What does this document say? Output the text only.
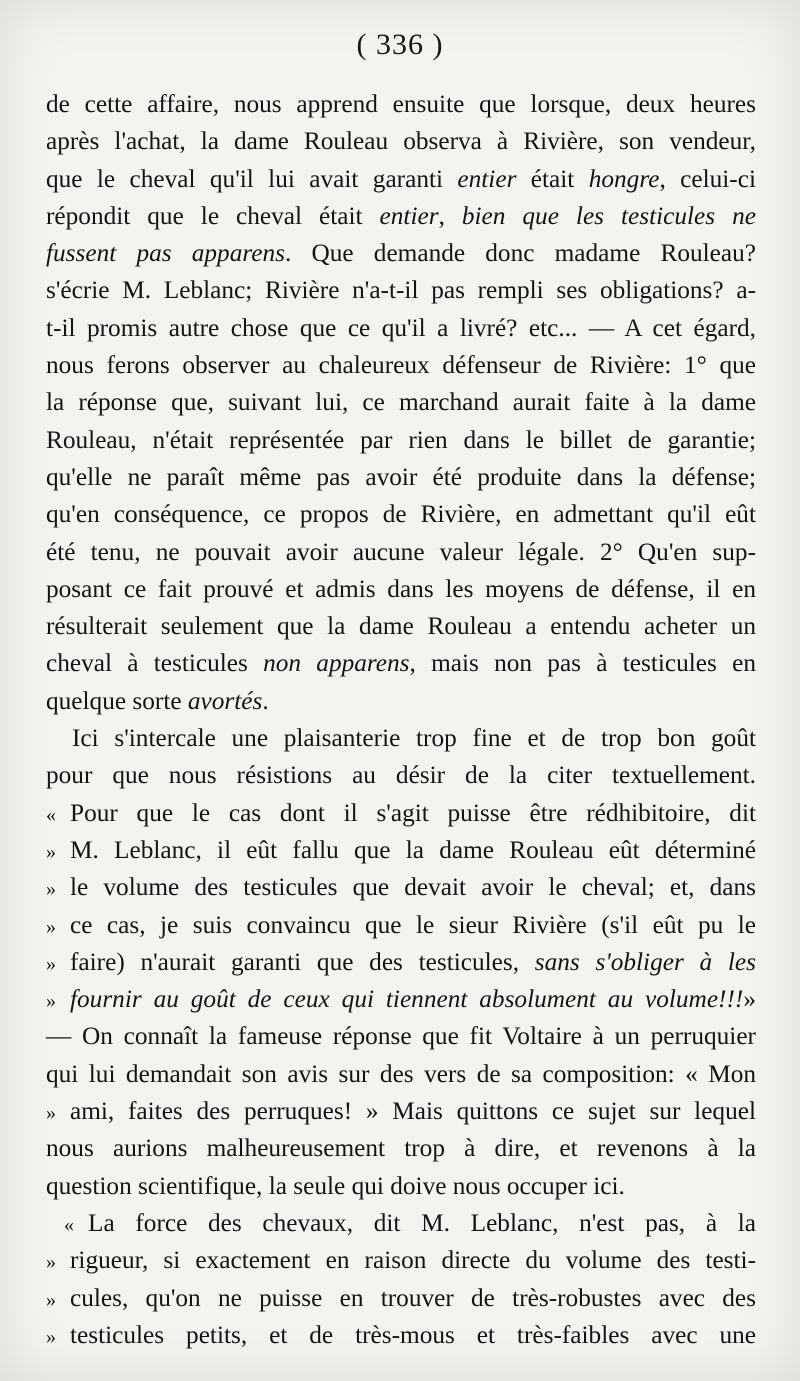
( 336 )
de cette affaire, nous apprend ensuite que lorsque, deux heures
après l'achat, la dame Rouleau observa à Rivière, son vendeur,
que le cheval qu'il lui avait garanti entier était hongre, celui-ci
répondit que le cheval était entier, bien que les testicules ne
fussent pas apparens. Que demande donc madame Rouleau?
s'écrie M. Leblanc; Rivière n'a-t-il pas rempli ses obligations? a-
t-il promis autre chose que ce qu'il a livré? etc... — A cet égard,
nous ferons observer au chaleureux défenseur de Rivière: 1° que
la réponse que, suivant lui, ce marchand aurait faite à la dame
Rouleau, n'était représentée par rien dans le billet de garantie;
qu'elle ne paraît même pas avoir été produite dans la défense;
qu'en conséquence, ce propos de Rivière, en admettant qu'il eût
été tenu, ne pouvait avoir aucune valeur légale. 2° Qu'en sup-
posant ce fait prouvé et admis dans les moyens de défense, il en
résulterait seulement que la dame Rouleau a entendu acheter un
cheval à testicules non apparens, mais non pas à testicules en
quelque sorte avortés.
Ici s'intercale une plaisanterie trop fine et de trop bon goût
pour que nous résistions au désir de la citer textuellement.
« Pour que le cas dont il s'agit puisse être rédhibitoire, dit
» M. Leblanc, il eût fallu que la dame Rouleau eût déterminé
» le volume des testicules que devait avoir le cheval; et, dans
» ce cas, je suis convaincu que le sieur Rivière (s'il eût pu le
» faire) n'aurait garanti que des testicules, sans s'obliger à les
» fournir au goût de ceux qui tiennent absolument au volume!!!»
— On connaît la fameuse réponse que fit Voltaire à un perruquier
qui lui demandait son avis sur des vers de sa composition: « Mon
» ami, faites des perruques! » Mais quittons ce sujet sur lequel
nous aurions malheureusement trop à dire, et revenons à la
question scientifique, la seule qui doive nous occuper ici.
« La force des chevaux, dit M. Leblanc, n'est pas, à la
» rigueur, si exactement en raison directe du volume des testi-
» cules, qu'on ne puisse en trouver de très-robustes avec des
» testicules petits, et de très-mous et très-faibles avec une
